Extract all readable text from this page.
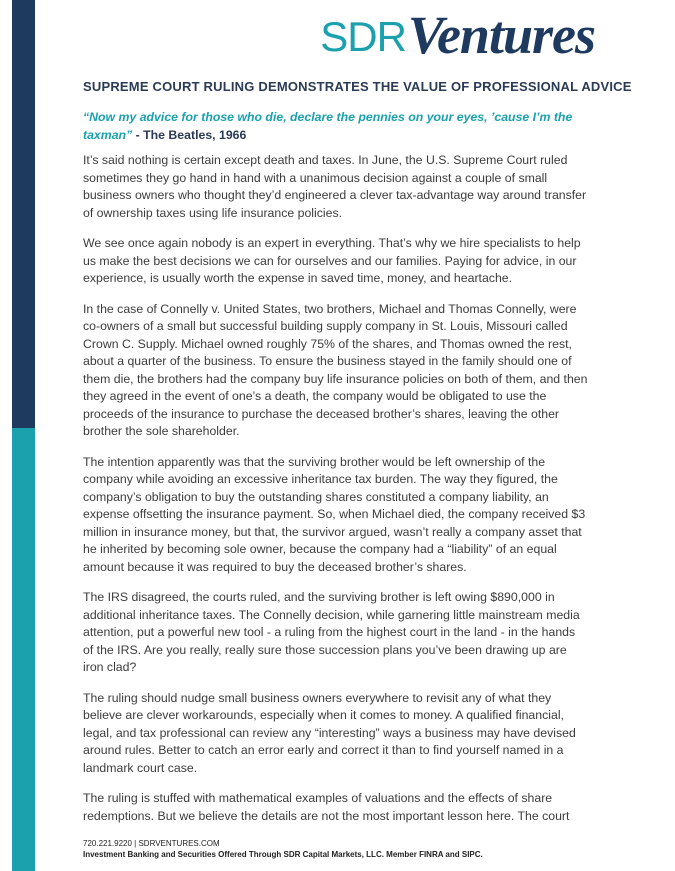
SDR Ventures
SUPREME COURT RULING DEMONSTRATES THE VALUE OF PROFESSIONAL ADVICE

“Now my advice for those who die, declare the pennies on your eyes, ’cause I’m the taxman” - The Beatles, 1966

It’s said nothing is certain except death and taxes. In June, the U.S. Supreme Court ruled sometimes they go hand in hand with a unanimous decision against a couple of small business owners who thought they’d engineered a clever tax-advantage way around transfer of ownership taxes using life insurance policies.

We see once again nobody is an expert in everything. That’s why we hire specialists to help us make the best decisions we can for ourselves and our families. Paying for advice, in our experience, is usually worth the expense in saved time, money, and heartache.

In the case of Connelly v. United States, two brothers, Michael and Thomas Connelly, were co-owners of a small but successful building supply company in St. Louis, Missouri called Crown C. Supply. Michael owned roughly 75% of the shares, and Thomas owned the rest, about a quarter of the business. To ensure the business stayed in the family should one of them die, the brothers had the company buy life insurance policies on both of them, and then they agreed in the event of one’s a death, the company would be obligated to use the proceeds of the insurance to purchase the deceased brother’s shares, leaving the other brother the sole shareholder.

The intention apparently was that the surviving brother would be left ownership of the company while avoiding an excessive inheritance tax burden. The way they figured, the company’s obligation to buy the outstanding shares constituted a company liability, an expense offsetting the insurance payment. So, when Michael died, the company received $3 million in insurance money, but that, the survivor argued, wasn’t really a company asset that he inherited by becoming sole owner, because the company had a “liability” of an equal amount because it was required to buy the deceased brother’s shares.

The IRS disagreed, the courts ruled, and the surviving brother is left owing $890,000 in additional inheritance taxes. The Connelly decision, while garnering little mainstream media attention, put a powerful new tool - a ruling from the highest court in the land - in the hands of the IRS. Are you really, really sure those succession plans you’ve been drawing up are iron clad?

The ruling should nudge small business owners everywhere to revisit any of what they believe are clever workarounds, especially when it comes to money. A qualified financial, legal, and tax professional can review any “interesting” ways a business may have devised around rules. Better to catch an error early and correct it than to find yourself named in a landmark court case.

The ruling is stuffed with mathematical examples of valuations and the effects of share redemptions. But we believe the details are not the most important lesson here. The court

720.221.9220 | SDRVENTURES.COM
Investment Banking and Securities Offered Through SDR Capital Markets, LLC. Member FINRA and SIPC.
